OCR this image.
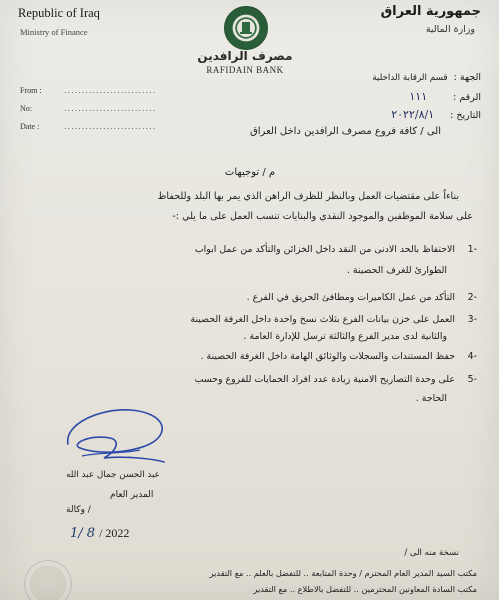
Republic of Iraq
Ministry of Finance
جمهورية العراق
وزارة المالية
مصرف الرافدين
RAFIDAIN BANK
From :	..........................
No:	..........................
Date :	..........................
الجهة :
قسم الرقابة الداخلية
الرقم :
١١١
التاريخ :
٢٠٢٢/٨/١
الى / كافة فروع مصرف الرافدين داخل العراق
م / توجيهات
بناءاً على مقتضيات العمل وبالنظر للظرف الراهن الذي يمر بها البلد وللحفاظ
على سلامة الموظفين والموجود النقدي والبنايات تنسب العمل على ما يلي :-
-1
الاحتفاظ بالحد الادنى من النقد داخل الخزائن والتأكد من عمل ابواب
الطوارئ للغرف الحصينة .
-2
التأكد من عمل الكاميرات ومطافئ الحريق في الفرع .
-3
العمل على خزن بيانات الفرع بثلاث نسخ واحدة داخل الغرفة الحصينة
والثانية لدى مدير الفرع والثالثة ترسل للإدارة العامة .
-4
حفظ المستندات والسجلات والوثائق الهامة داخل الغرفة الحصينة .
-5
على وحدة التصاريح الامنية زيادة عدد افراد الحمايات للفروع وحسب
الحاجة .
عبد الحسن جمال عبد الله
المدير العام
/ وكالة
1/ 8 / 2022
نسخة منه الى /
مكتب السيد المدير العام المحترم / وحدة المتابعة .. للتفضل بالعلم .. مع التقدير
مكتب السادة المعاونين المحترمين .. للتفضل بالاطلاع .. مع التقدير
